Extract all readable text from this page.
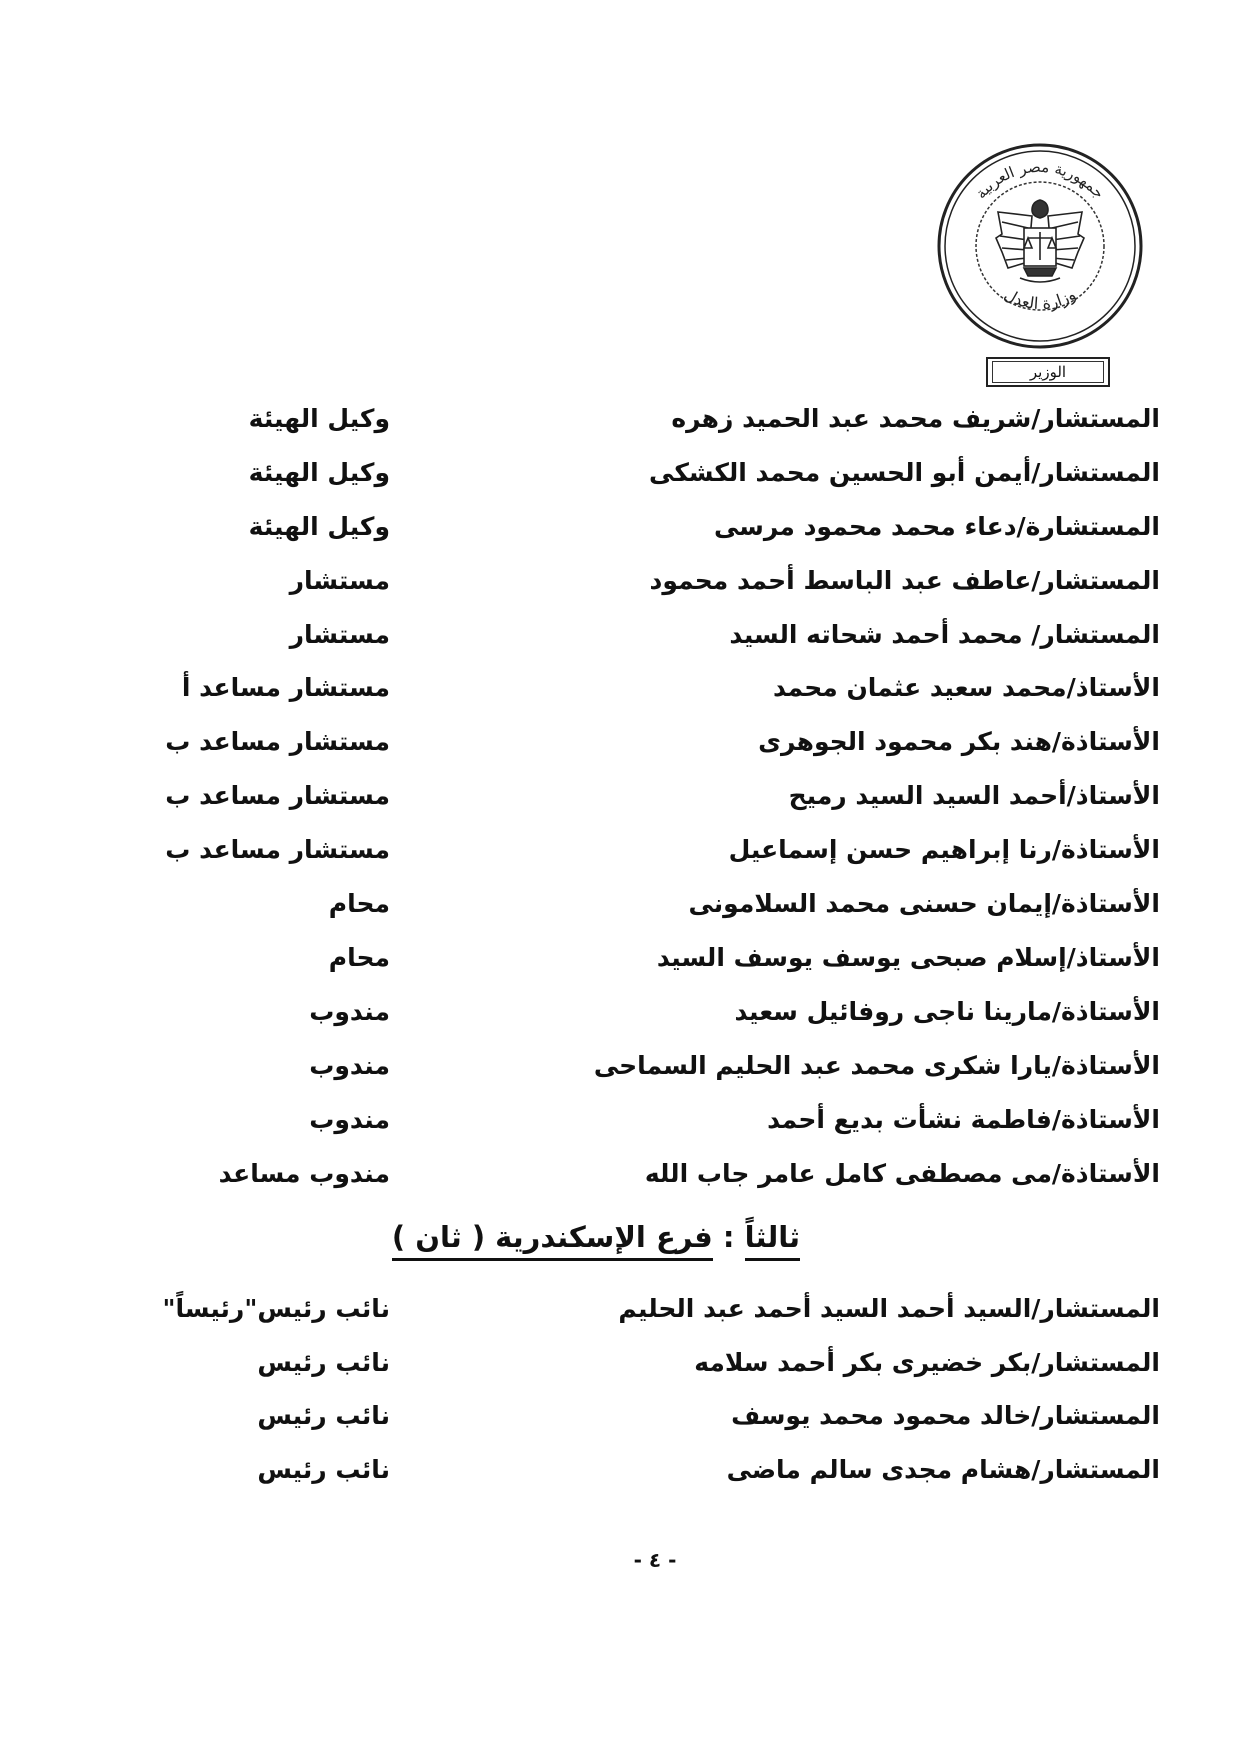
جمهورية مصر العربية
وزارة العدل
الوزير
وكيل الهيئة	المستشار/شريف محمد عبد الحميد زهره
وكيل الهيئة	المستشار/أيمن أبو الحسين محمد الكشكى
وكيل الهيئة	المستشارة/دعاء محمد محمود مرسى
مستشار	المستشار/عاطف عبد الباسط أحمد محمود
مستشار	المستشار/ محمد أحمد شحاته السيد
مستشار مساعد أ	الأستاذ/محمد سعيد عثمان محمد
مستشار مساعد ب	الأستاذة/هند بكر محمود الجوهرى
مستشار مساعد ب	الأستاذ/أحمد السيد السيد رميح
مستشار مساعد ب	الأستاذة/رنا إبراهيم حسن إسماعيل
محام	الأستاذة/إيمان حسنى محمد السلامونى
محام	الأستاذ/إسلام صبحى يوسف يوسف السيد
مندوب	الأستاذة/مارينا ناجى روفائيل سعيد
مندوب	الأستاذة/يارا شكرى محمد عبد الحليم السماحى
مندوب	الأستاذة/فاطمة نشأت بديع أحمد
مندوب مساعد	الأستاذة/مى مصطفى كامل عامر جاب الله
ثالثاً : فرع الإسكندرية ( ثان )
نائب رئيس"رئيساً"	المستشار/السيد أحمد السيد أحمد عبد الحليم
نائب رئيس	المستشار/بكر خضيرى بكر أحمد سلامه
نائب رئيس	المستشار/خالد محمود محمد يوسف
نائب رئيس	المستشار/هشام مجدى سالم ماضى
- ٤ -
